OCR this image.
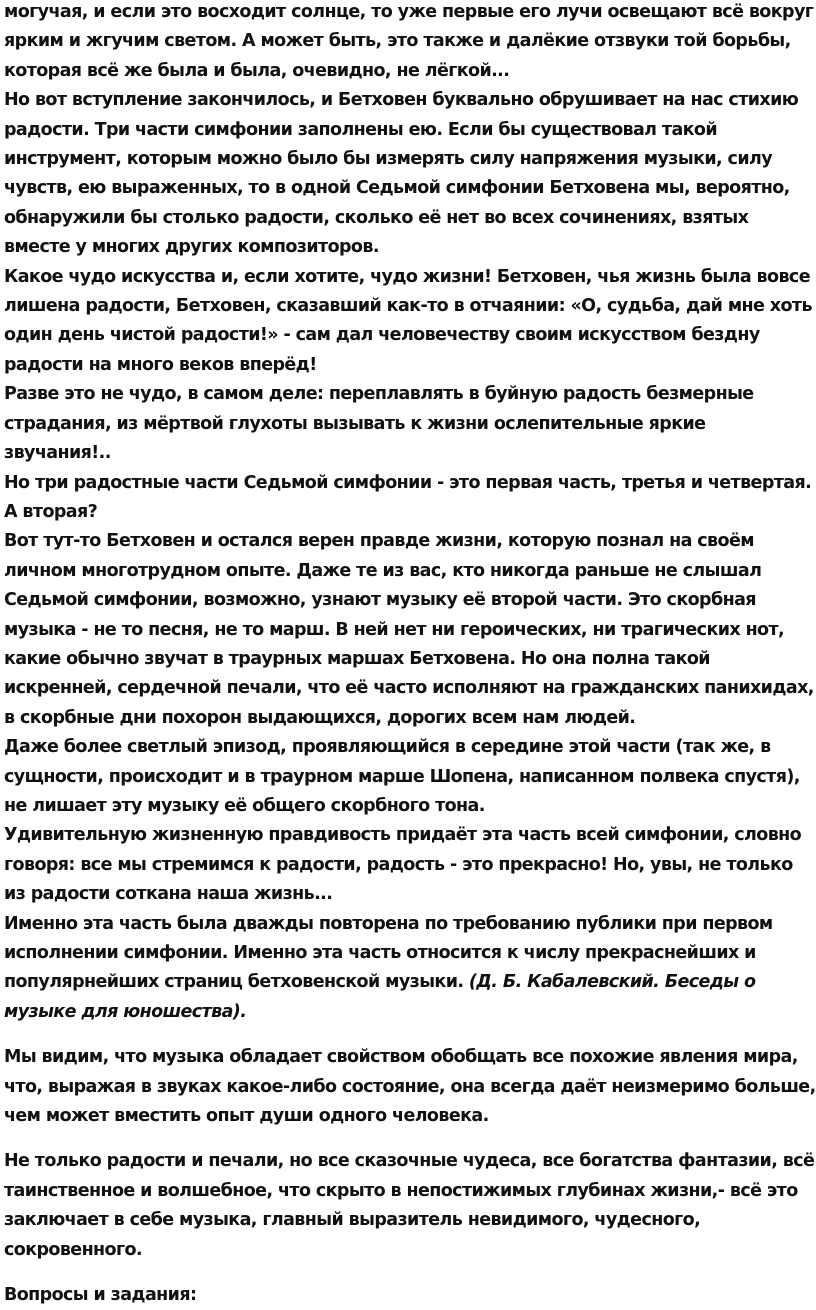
могучая, и если это восходит солнце, то уже первые его лучи освещают всё вокруг ярким и жгучим светом. А может быть, это также и далёкие отзвуки той борьбы, которая всё же была и была, очевидно, не лёгкой...

Но вот вступление закончилось, и Бетховен буквально обрушивает на нас стихию радости. Три части симфонии заполнены ею. Если бы существовал такой инструмент, которым можно было бы измерять силу напряжения музыки, силу чувств, ею выраженных, то в одной Седьмой симфонии Бетховена мы, вероятно, обнаружили бы столько радости, сколько её нет во всех сочинениях, взятых вместе у многих других композиторов.

Какое чудо искусства и, если хотите, чудо жизни! Бетховен, чья жизнь была вовсе лишена радости, Бетховен, сказавший как-то в отчаянии: «О, судьба, дай мне хоть один день чистой радости!» - сам дал человечеству своим искусством бездну радости на много веков вперёд!

Разве это не чудо, в самом деле: переплавлять в буйную радость безмерные страдания, из мёртвой глухоты вызывать к жизни ослепительные яркие звучания!..

Но три радостные части Седьмой симфонии - это первая часть, третья и четвертая. А вторая?

Вот тут-то Бетховен и остался верен правде жизни, которую познал на своём личном многотрудном опыте. Даже те из вас, кто никогда раньше не слышал Седьмой симфонии, возможно, узнают музыку её второй части. Это скорбная музыка - не то песня, не то марш. В ней нет ни героических, ни трагических нот, какие обычно звучат в траурных маршах Бетховена. Но она полна такой искренней, сердечной печали, что её часто исполняют на гражданских панихидах, в скорбные дни похорон выдающихся, дорогих всем нам людей.

Даже более светлый эпизод, проявляющийся в середине этой части (так же, в сущности, происходит и в траурном марше Шопена, написанном полвека спустя), не лишает эту музыку её общего скорбного тона.

Удивительную жизненную правдивость придаёт эта часть всей симфонии, словно говоря: все мы стремимся к радости, радость - это прекрасно! Но, увы, не только из радости соткана наша жизнь...

Именно эта часть была дважды повторена по требованию публики при первом исполнении симфонии. Именно эта часть относится к числу прекраснейших и популярнейших страниц бетховенской музыки. (Д. Б. Кабалевский. Беседы о музыке для юношества).

Мы видим, что музыка обладает свойством обобщать все похожие явления мира, что, выражая в звуках какое-либо состояние, она всегда даёт неизмеримо больше, чем может вместить опыт души одного человека.

Не только радости и печали, но все сказочные чудеса, все богатства фантазии, всё таинственное и волшебное, что скрыто в непостижимых глубинах жизни,- всё это заключает в себе музыка, главный выразитель невидимого, чудесного, сокровенного.

Вопросы и задания:
